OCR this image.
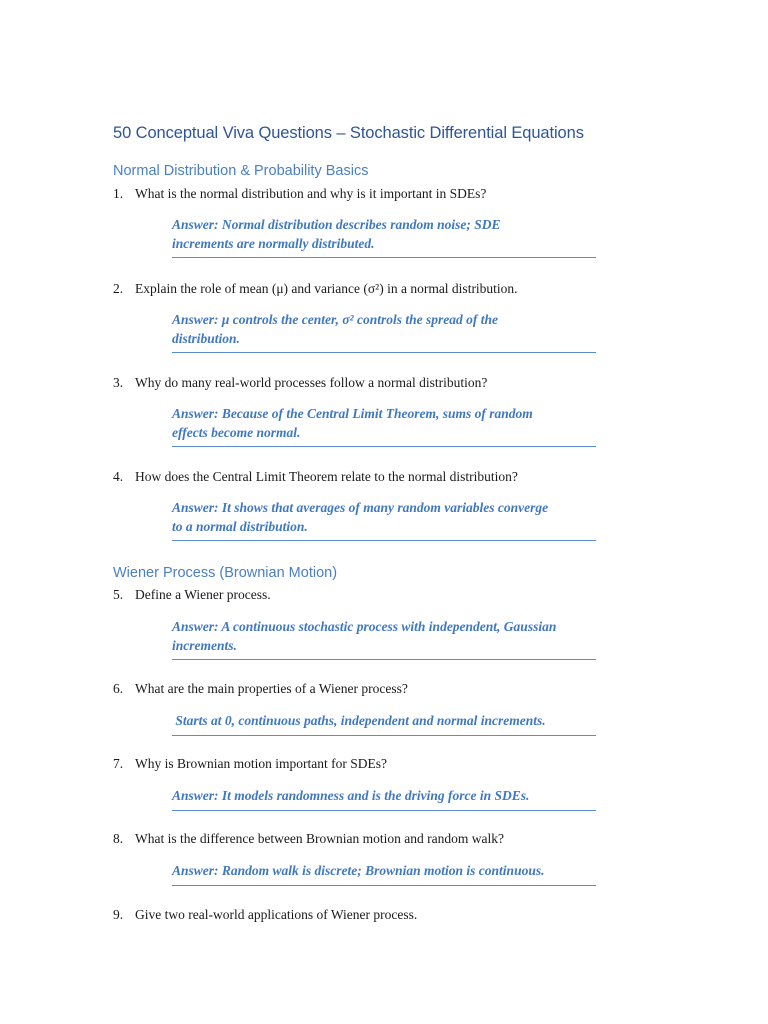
50 Conceptual Viva Questions – Stochastic Differential Equations
Normal Distribution & Probability Basics
1. What is the normal distribution and why is it important in SDEs?
Answer: Normal distribution describes random noise; SDE
increments are normally distributed.
2. Explain the role of mean (μ) and variance (σ²) in a normal distribution.
Answer: μ controls the center, σ² controls the spread of the
distribution.
3. Why do many real-world processes follow a normal distribution?
Answer: Because of the Central Limit Theorem, sums of random
effects become normal.
4. How does the Central Limit Theorem relate to the normal distribution?
Answer: It shows that averages of many random variables converge
to a normal distribution.
Wiener Process (Brownian Motion)
5. Define a Wiener process.
Answer: A continuous stochastic process with independent, Gaussian
increments.
6. What are the main properties of a Wiener process?
Starts at 0, continuous paths, independent and normal increments.
7. Why is Brownian motion important for SDEs?
Answer: It models randomness and is the driving force in SDEs.
8. What is the difference between Brownian motion and random walk?
Answer: Random walk is discrete; Brownian motion is continuous.
9. Give two real-world applications of Wiener process.
